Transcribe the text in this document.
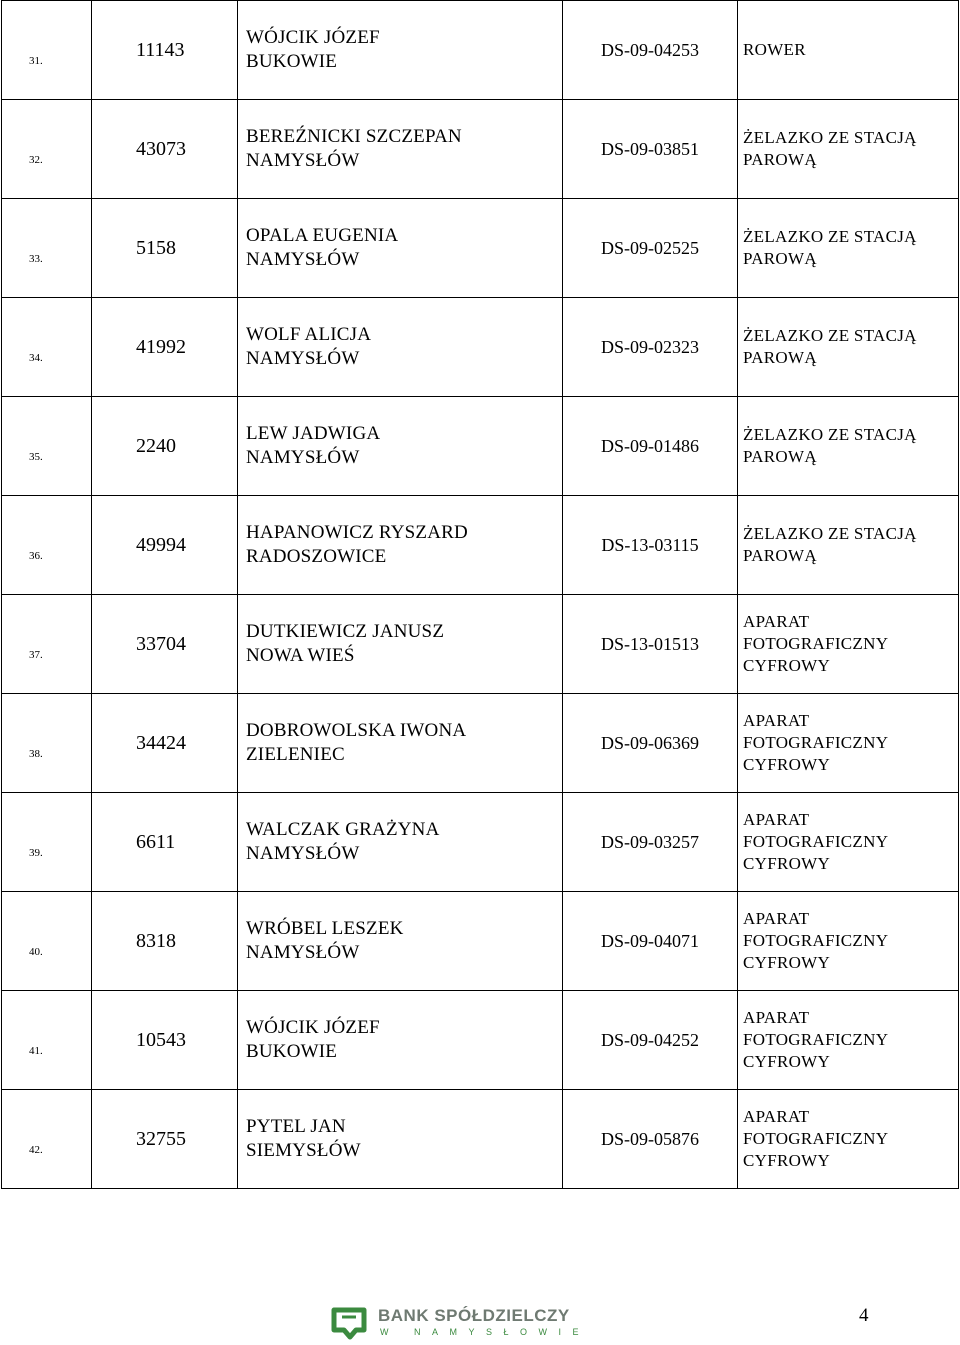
31.	11143	WÓJCIK JÓZEF
BUKOWIE	DS-09-04253	ROWER

32.	43073	BEREŹNICKI SZCZEPAN
NAMYSŁÓW	DS-09-03851	ŻELAZKO ZE STACJĄ
PAROWĄ

33.	5158	OPALA EUGENIA
NAMYSŁÓW	DS-09-02525	ŻELAZKO ZE STACJĄ
PAROWĄ

34.	41992	WOLF ALICJA
NAMYSŁÓW	DS-09-02323	ŻELAZKO ZE STACJĄ
PAROWĄ

35.	2240	LEW JADWIGA
NAMYSŁÓW	DS-09-01486	ŻELAZKO ZE STACJĄ
PAROWĄ

36.	49994	HAPANOWICZ RYSZARD
RADOSZOWICE	DS-13-03115	ŻELAZKO ZE STACJĄ
PAROWĄ

37.	33704	DUTKIEWICZ JANUSZ
NOWA WIEŚ	DS-13-01513	APARAT
FOTOGRAFICZNY
CYFROWY

38.	34424	DOBROWOLSKA IWONA
ZIELENIEC	DS-09-06369	APARAT
FOTOGRAFICZNY
CYFROWY

39.	6611	WALCZAK GRAŻYNA
NAMYSŁÓW	DS-09-03257	APARAT
FOTOGRAFICZNY
CYFROWY

40.	8318	WRÓBEL LESZEK
NAMYSŁÓW	DS-09-04071	APARAT
FOTOGRAFICZNY
CYFROWY

41.	10543	WÓJCIK JÓZEF
BUKOWIE	DS-09-04252	APARAT
FOTOGRAFICZNY
CYFROWY

42.	32755	PYTEL JAN
SIEMYSŁÓW	DS-09-05876	APARAT
FOTOGRAFICZNY
CYFROWY
BANK SPÓŁDZIELCZY
W NAMYSŁOWIE
4
